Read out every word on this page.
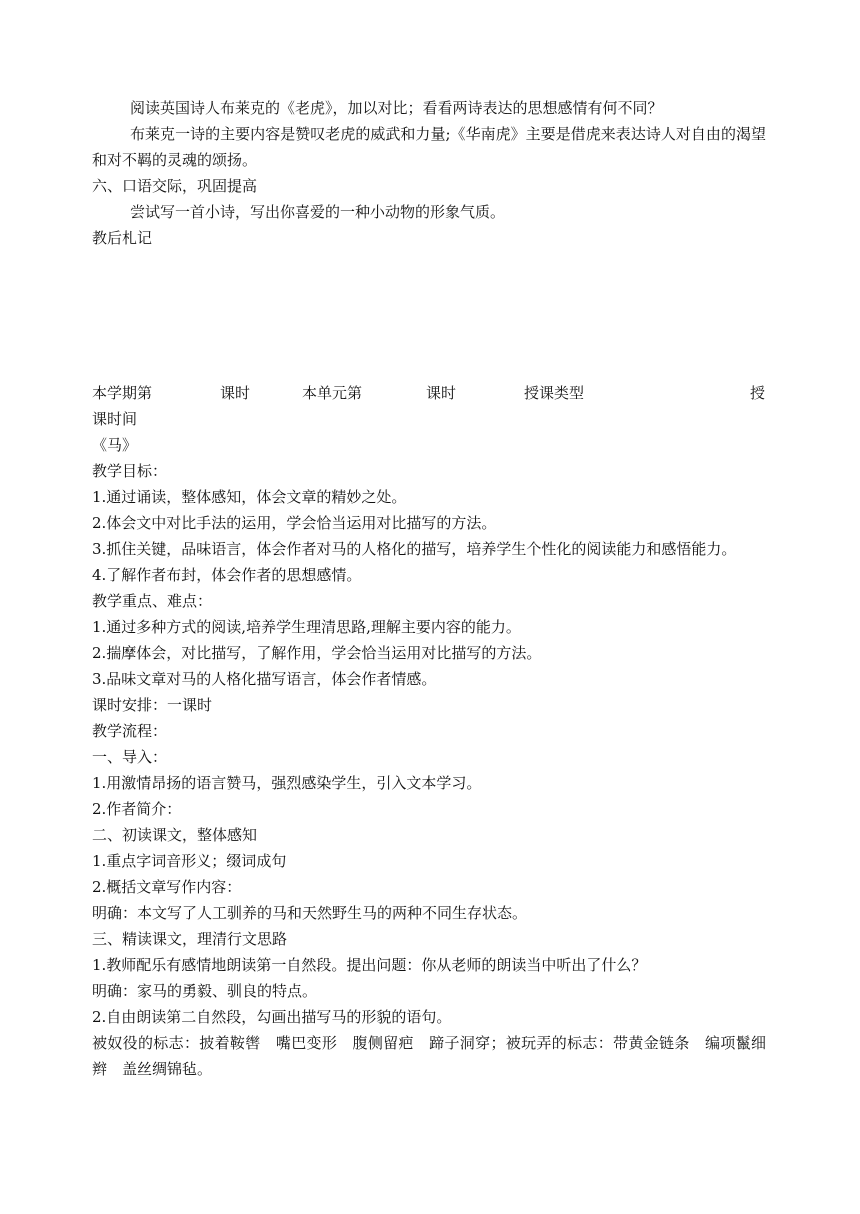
阅读英国诗人布莱克的《老虎》，加以对比；看看两诗表达的思想感情有何不同？

布莱克一诗的主要内容是赞叹老虎的威武和力量;《华南虎》主要是借虎来表达诗人对自由的渴望和对不羁的灵魂的颂扬。

六、口语交际，巩固提高

尝试写一首小诗，写出你喜爱的一种小动物的形象气质。

教后札记

本学期第	课时	本单元第	课时	授课类型	授

课时间

《马》

教学目标：

1.通过诵读，整体感知，体会文章的精妙之处。

2.体会文中对比手法的运用，学会恰当运用对比描写的方法。

3.抓住关键，品味语言，体会作者对马的人格化的描写，培养学生个性化的阅读能力和感悟能力。

4.了解作者布封，体会作者的思想感情。

教学重点、难点：

1.通过多种方式的阅读,培养学生理清思路,理解主要内容的能力。

2.揣摩体会，对比描写，了解作用，学会恰当运用对比描写的方法。

3.品味文章对马的人格化描写语言，体会作者情感。

课时安排：一课时

教学流程：

一、导入：

1.用激情昂扬的语言赞马，强烈感染学生，引入文本学习。

2.作者简介：

二、初读课文，整体感知

1.重点字词音形义；缀词成句

2.概括文章写作内容：

明确：本文写了人工驯养的马和天然野生马的两种不同生存状态。

三、精读课文，理清行文思路

1.教师配乐有感情地朗读第一自然段。提出问题：你从老师的朗读当中听出了什么？

明确：家马的勇毅、驯良的特点。

2.自由朗读第二自然段，勾画出描写马的形貌的语句。

被奴役的标志：披着鞍辔　嘴巴变形　腹侧留疤　蹄子洞穿；被玩弄的标志：带黄金链条　编项鬣细辫　盖丝绸锦毡。
